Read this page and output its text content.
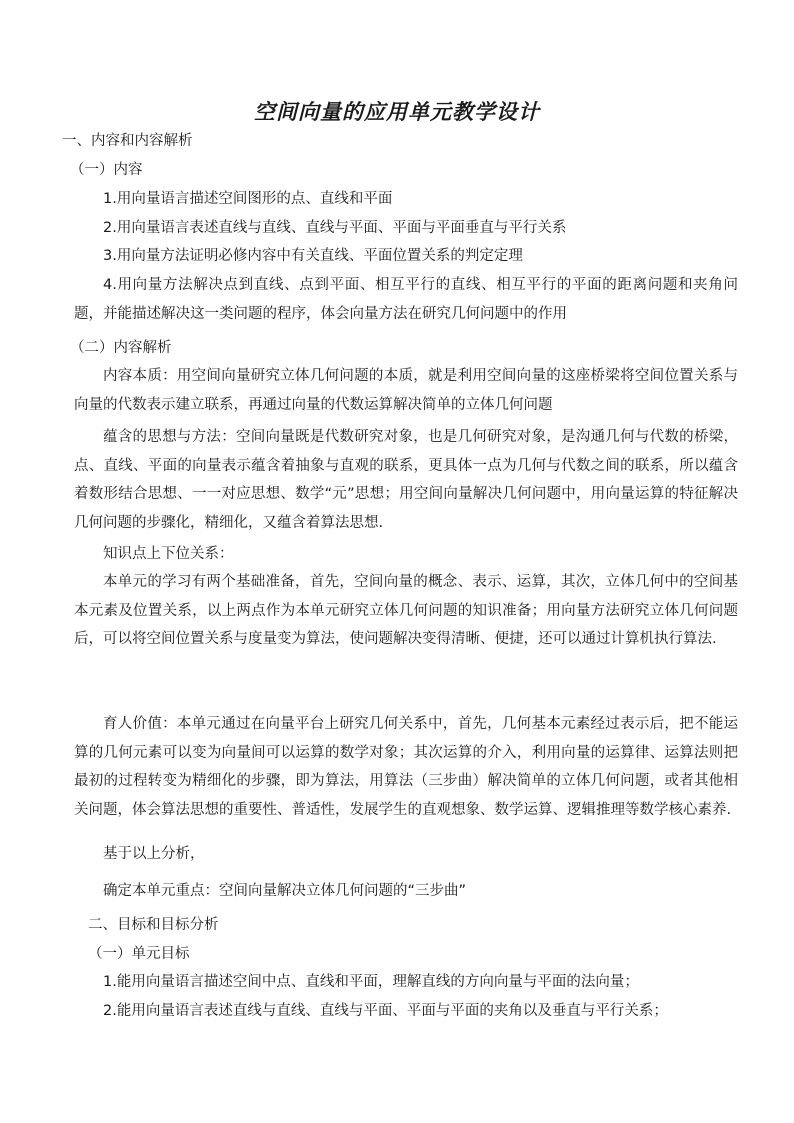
空间向量的应用单元教学设计
一、内容和内容解析
（一）内容
1.用向量语言描述空间图形的点、直线和平面
2.用向量语言表述直线与直线、直线与平面、平面与平面垂直与平行关系
3.用向量方法证明必修内容中有关直线、平面位置关系的判定定理
4.用向量方法解决点到直线、点到平面、相互平行的直线、相互平行的平面的距离问题和夹角问题，并能描述解决这一类问题的程序，体会向量方法在研究几何问题中的作用
（二）内容解析
内容本质：用空间向量研究立体几何问题的本质，就是利用空间向量的这座桥梁将空间位置关系与向量的代数表示建立联系，再通过向量的代数运算解决简单的立体几何问题
蕴含的思想与方法：空间向量既是代数研究对象，也是几何研究对象，是沟通几何与代数的桥梁，点、直线、平面的向量表示蕴含着抽象与直观的联系，更具体一点为几何与代数之间的联系，所以蕴含着数形结合思想、一一对应思想、数学“元”思想；用空间向量解决几何问题中，用向量运算的特征解决几何问题的步骤化，精细化，又蕴含着算法思想.
知识点上下位关系：
本单元的学习有两个基础准备，首先，空间向量的概念、表示、运算，其次，立体几何中的空间基本元素及位置关系，以上两点作为本单元研究立体几何问题的知识准备；用向量方法研究立体几何问题后，可以将空间位置关系与度量变为算法，使问题解决变得清晰、便捷，还可以通过计算机执行算法.
育人价值：本单元通过在向量平台上研究几何关系中，首先，几何基本元素经过表示后，把不能运算的几何元素可以变为向量间可以运算的数学对象；其次运算的介入，利用向量的运算律、运算法则把最初的过程转变为精细化的步骤，即为算法，用算法（三步曲）解决简单的立体几何问题，或者其他相关问题，体会算法思想的重要性、普适性，发展学生的直观想象、数学运算、逻辑推理等数学核心素养.
基于以上分析，
确定本单元重点：空间向量解决立体几何问题的“三步曲”
二、目标和目标分析
（一）单元目标
1.能用向量语言描述空间中点、直线和平面，理解直线的方向向量与平面的法向量；
2.能用向量语言表述直线与直线、直线与平面、平面与平面的夹角以及垂直与平行关系；
